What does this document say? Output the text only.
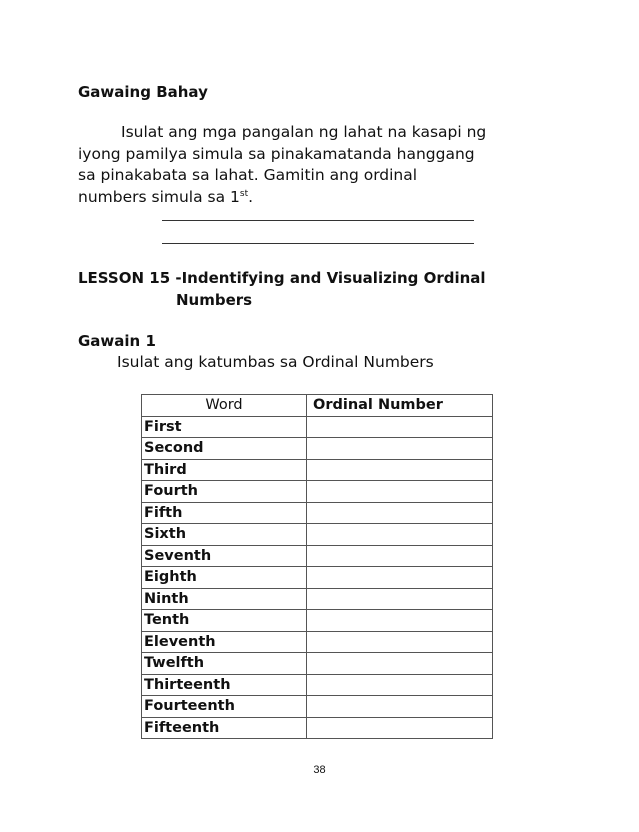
Gawaing Bahay
Isulat ang mga pangalan ng lahat na kasapi ng
iyong pamilya simula sa pinakamatanda hanggang
sa pinakabata sa lahat. Gamitin ang ordinal
numbers simula sa 1st.
LESSON 15 -Indentifying and Visualizing Ordinal
Numbers
Gawain 1
Isulat ang katumbas sa Ordinal Numbers
Word	Ordinal Number
First	
Second	
Third	
Fourth	
Fifth	
Sixth	
Seventh	
Eighth	
Ninth	
Tenth	
Eleventh	
Twelfth	
Thirteenth	
Fourteenth	
Fifteenth	
38
